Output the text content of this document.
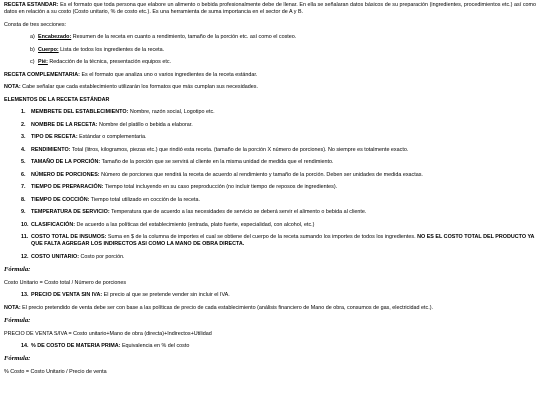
RECETA ESTANDAR: Es el formato que toda persona que elabore un alimento o bebida profesionalmente debe de llenar. En ella se señalaran datos básicos de su preparación (ingredientes, procedimientos etc.) así como datos en relación a su costo (Costo unitario, % de costo etc.). Es una herramienta de suma importancia en el sector de A y B.

Consta de tres secciones:

a) Encabezado: Resumen de la receta en cuanto a rendimiento, tamaño de la porción etc. así como el costeo.
b) Cuerpo: Lista de todos los ingredientes de la receta.
c) Pié: Redacción de la técnica, presentación equipos etc.

RECETA COMPLEMENTARIA: Es el formato que analiza uno o varios ingredientes de la receta estándar.

NOTA: Cabe señalar que cada establecimiento utilizarán los formatos que más cumplan sus necesidades.

ELEMENTOS DE LA RECETA ESTÁNDAR

1.	MEMBRETE DEL ESTABLECIMIENTO: Nombre, razón social, Logotipo etc.
2.	NOMBRE DE LA RECETA: Nombre del platillo o bebida a elaborar.
3.	TIPO DE RECETA: Estándar o complementaria.
4.	RENDIMIENTO: Total (litros, kilogramos, piezas etc.) que rindió esta receta. (tamaño de la porción X número de porciones). No siempre es totalmente exacto.
5.	TAMAÑO DE LA PORCIÓN: Tamaño de la porción que se servirá al cliente en la misma unidad de medida que el rendimiento.
6.	NÚMERO DE PORCIONES: Número de porciones que rendirá la receta de acuerdo al rendimiento y tamaño de la porción. Deben ser unidades de medida exactas.
7.	TIEMPO DE PREPARACIÓN: Tiempo total incluyendo en su caso preproducción (no incluir tiempo de reposos de ingredientes).
8.	TIEMPO DE COCCIÓN: Tiempo total utilizado en cocción de la receta.
9.	TEMPERATURA DE SERVICIO: Temperatura que de acuerdo a las necesidades de servicio se deberá servir el alimento o bebida al cliente.
10. CLASIFICACIÓN: De acuerdo a las políticas del establecimiento (entrada, plato fuerte, especialidad, con alcohol, etc.)
11. COSTO TOTAL DE INSUMOS: Suma en $ de la columna de importes el cual se obtiene del cuerpo de la receta sumando los importes de todos los ingredientes. NO ES EL COSTO TOTAL DEL PRODUCTO YA QUE FALTA AGREGAR LOS INDIRECTOS ASI COMO LA MANO DE OBRA DIRECTA.
12. COSTO UNITARIO: Costo por porción.

Fórmula:

Costo Unitario = Costo total / Número de porciones

13. PRECIO DE VENTA SIN IVA: El precio al que se pretende vender sin incluir el IVA.

NOTA: El precio pretendido de venta debe ser con base a las políticas de precio de cada establecimiento (análisis financiero de Mano de obra, consumos de gas, electricidad etc.).

Fórmula:

PRECIO DE VENTA S/IVA = Costo unitario+Mano de obra (directa)+Indirectos+Utilidad

14. % DE COSTO DE MATERIA PRIMA: Equivalencia en % del costo

Fórmula:

% Costo = Costo Unitario / Precio de venta
